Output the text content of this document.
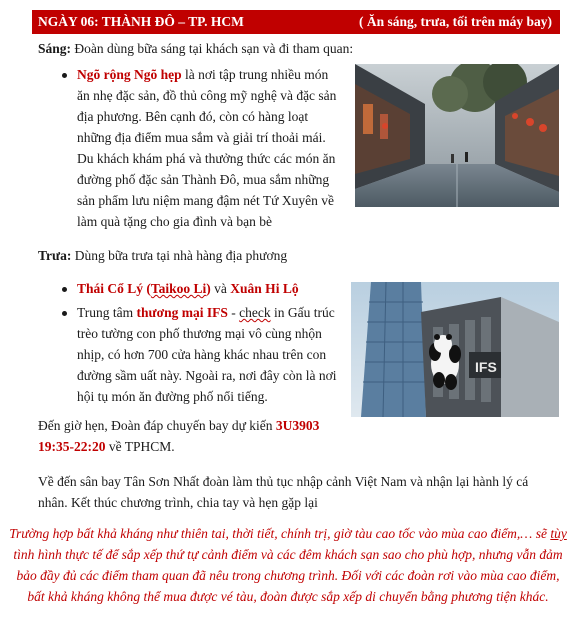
NGÀY 06: THÀNH ĐÔ – TP. HCM	( Ăn sáng, trưa, tối trên máy bay)
Sáng: Đoàn dùng bữa sáng tại khách sạn và đi tham quan:
Ngõ rộng Ngõ hẹp là nơi tập trung nhiều món
ăn nhẹ đặc sản, đồ thủ công mỹ nghệ và đặc sản
địa phương. Bên cạnh đó, còn có hàng loạt
những địa điểm mua sắm và giải trí thoải mái.
Du khách khám phá và thưởng thức các món ăn
đường phố đặc sản Thành Đô, mua sắm những
sản phẩm lưu niệm mang đậm nét Tứ Xuyên về
làm quà tặng cho gia đình và bạn bè
Trưa: Dùng bữa trưa tại nhà hàng địa phương
Thái Cổ Lý (Taikoo Li) và Xuân Hi Lộ
Trung tâm thương mại IFS - check in Gấu trúc
trèo tường con phố thương mại vô cùng nhộn
nhịp, có hơn 700 cửa hàng khác nhau trên con
đường sầm uất này. Ngoài ra, nơi đây còn là nơi
hội tụ món ăn đường phố nổi tiếng.
IFS
Đến giờ hẹn, Đoàn đáp chuyến bay dự kiến 3U3903
19:35-22:20 về TPHCM.
Về đến sân bay Tân Sơn Nhất đoàn làm thủ tục nhập cảnh Việt Nam và nhận lại hành lý cá
nhân. Kết thúc chương trình, chia tay và hẹn gặp lại
Trường hợp bất khả kháng như thiên tai, thời tiết, chính trị, giờ tàu cao tốc vào mùa cao điểm,… sẽ tùy
tình hình thực tế để sắp xếp thứ tự cảnh điểm và các đêm khách sạn sao cho phù hợp, nhưng vẫn đảm
bảo đầy đủ các điểm tham quan đã nêu trong chương trình. Đối với các đoàn rơi vào mùa cao điểm,
bất khả kháng không thể mua được vé tàu, đoàn được sắp xếp di chuyển bằng phương tiện khác.
